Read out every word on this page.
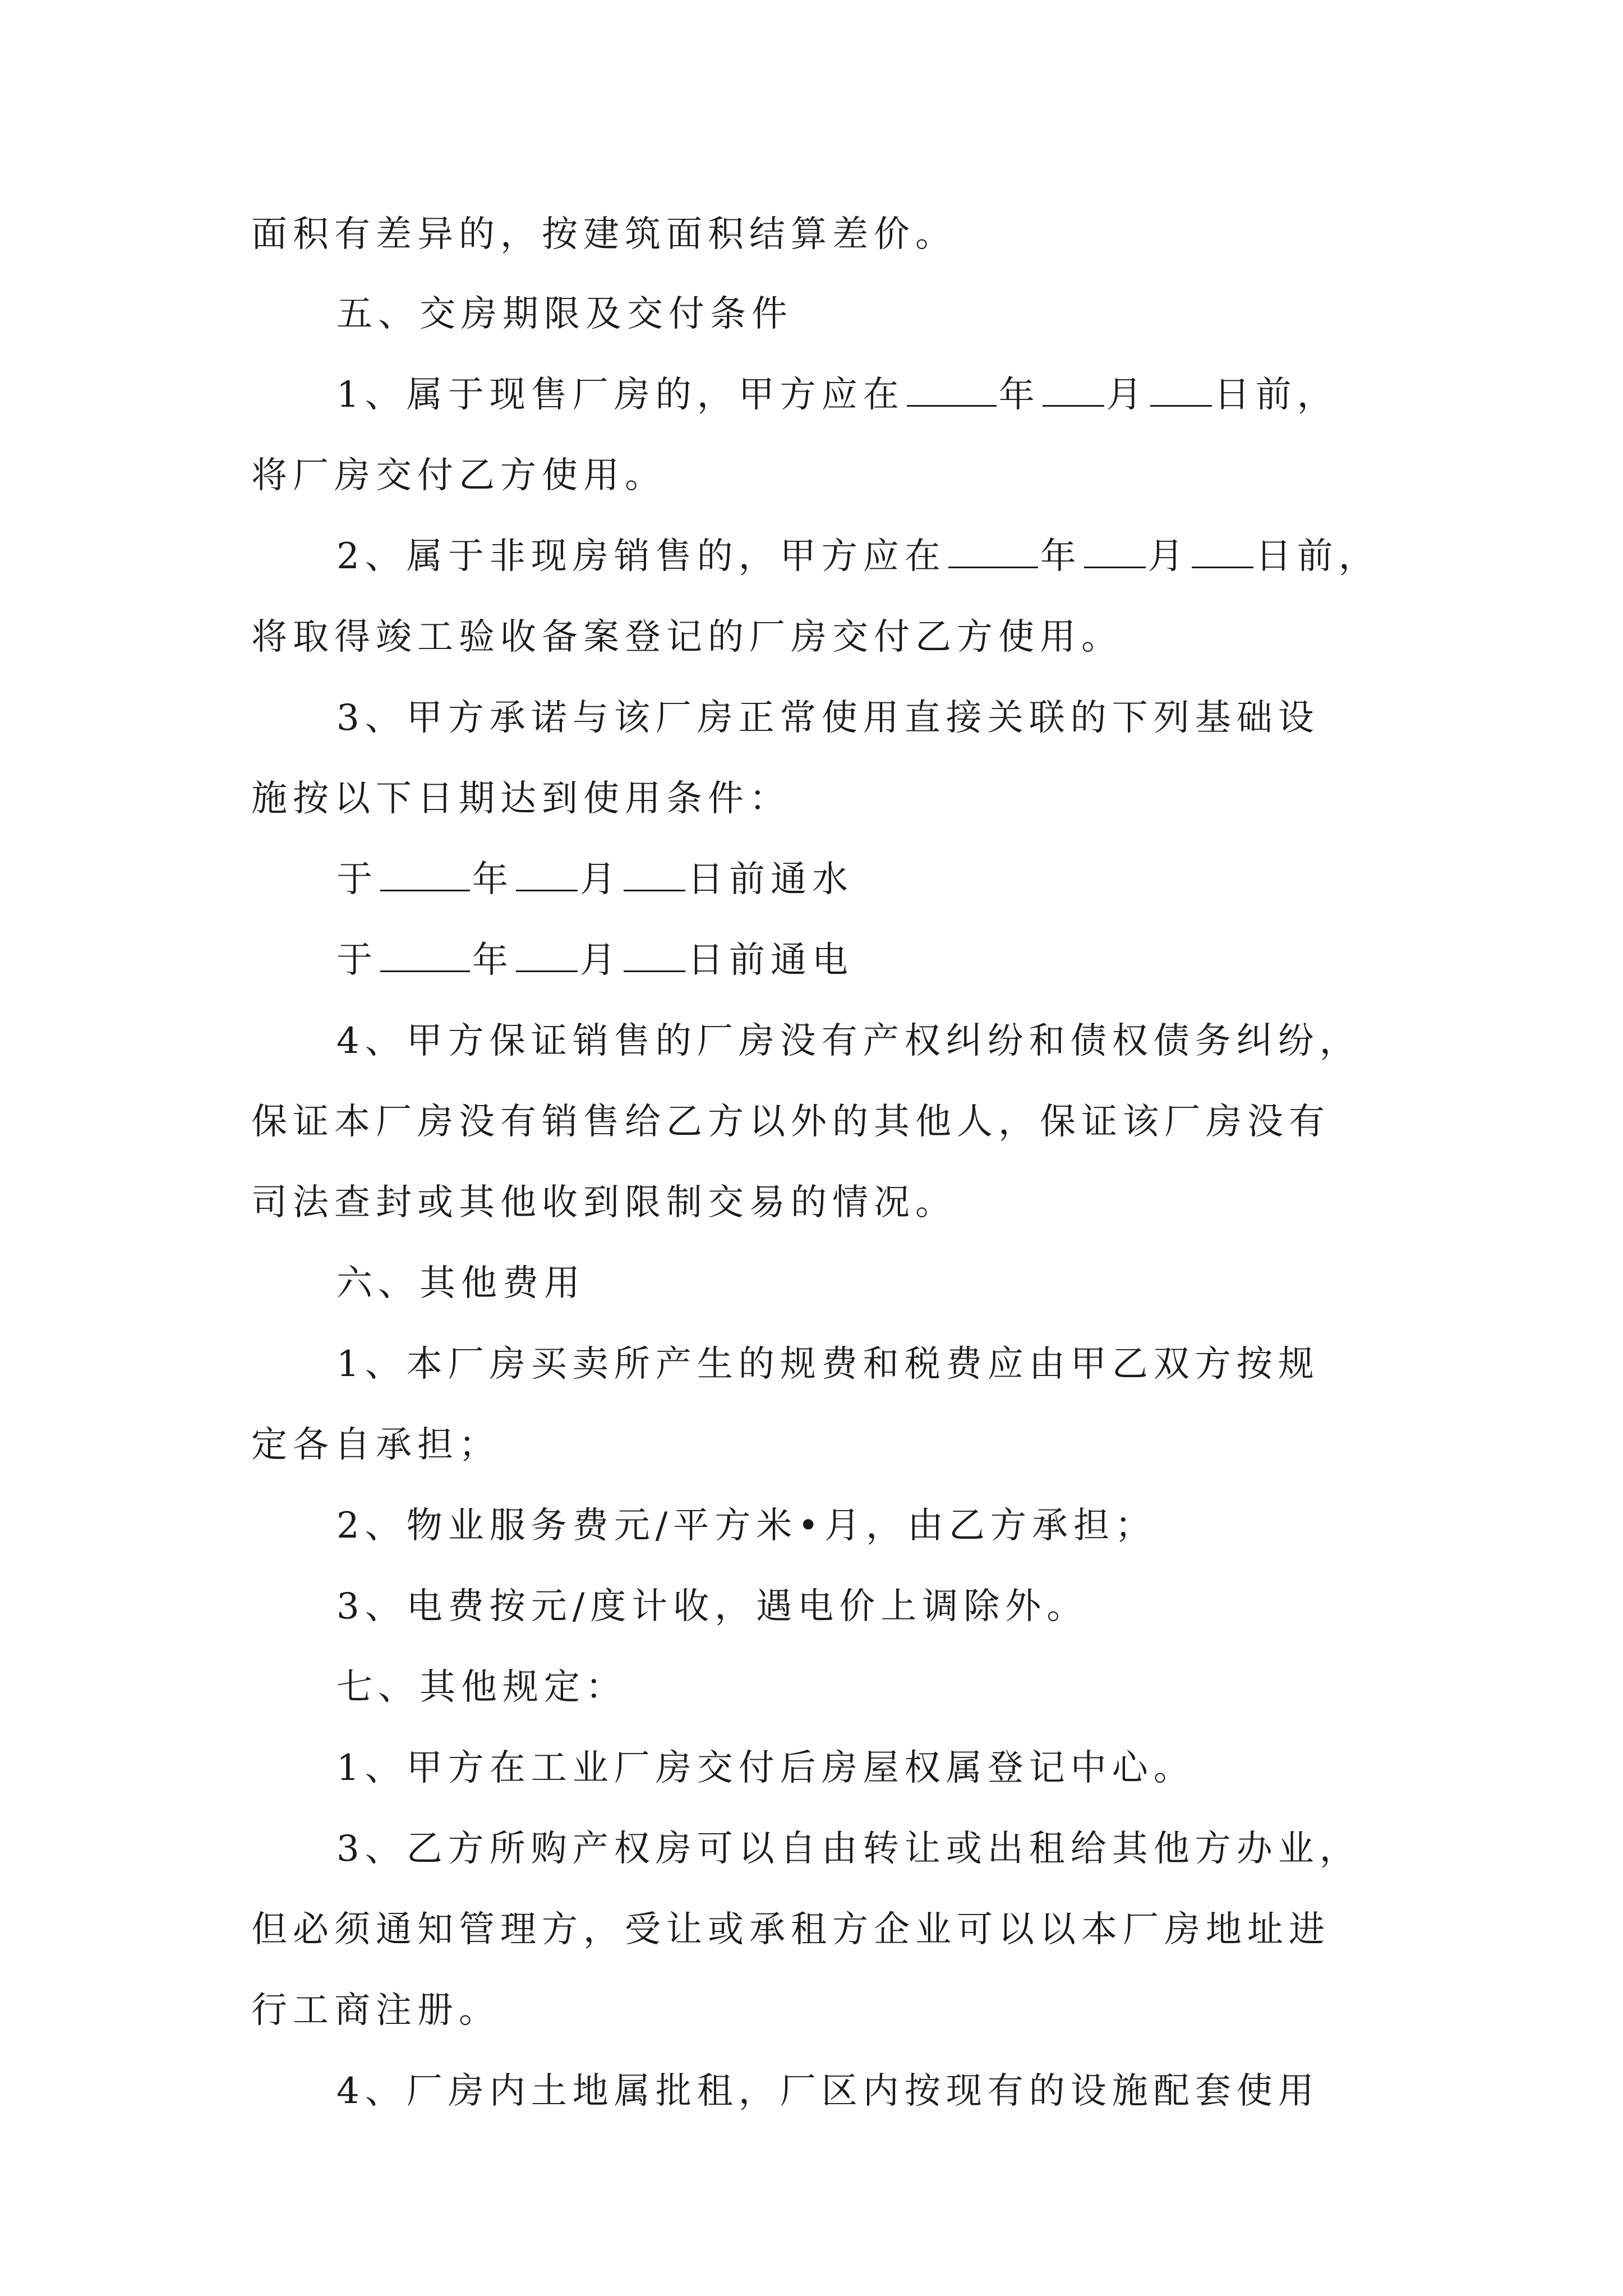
面积有差异的，按建筑面积结算差价。
五、交房期限及交付条件
1、属于现售厂房的，甲方应在	年 月 日前，
将厂房交付乙方使用。
2、属于非现房销售的，甲方应在	年 月 日前，
将取得竣工验收备案登记的厂房交付乙方使用。
3、甲方承诺与该厂房正常使用直接关联的下列基础设
施按以下日期达到使用条件：
于	年 月 日前通水
于	年 月 日前通电
4、甲方保证销售的厂房没有产权纠纷和债权债务纠纷，
保证本厂房没有销售给乙方以外的其他人，保证该厂房没有
司法查封或其他收到限制交易的情况。
六、其他费用
1、本厂房买卖所产生的规费和税费应由甲乙双方按规
定各自承担；
2、物业服务费元/平方米•月，由乙方承担；
3、电费按元/度计收，遇电价上调除外。
七、其他规定：
1、甲方在工业厂房交付后房屋权属登记中心。
3、乙方所购产权房可以自由转让或出租给其他方办业，
但必须通知管理方，受让或承租方企业可以以本厂房地址进
行工商注册。
4、厂房内土地属批租，厂区内按现有的设施配套使用
